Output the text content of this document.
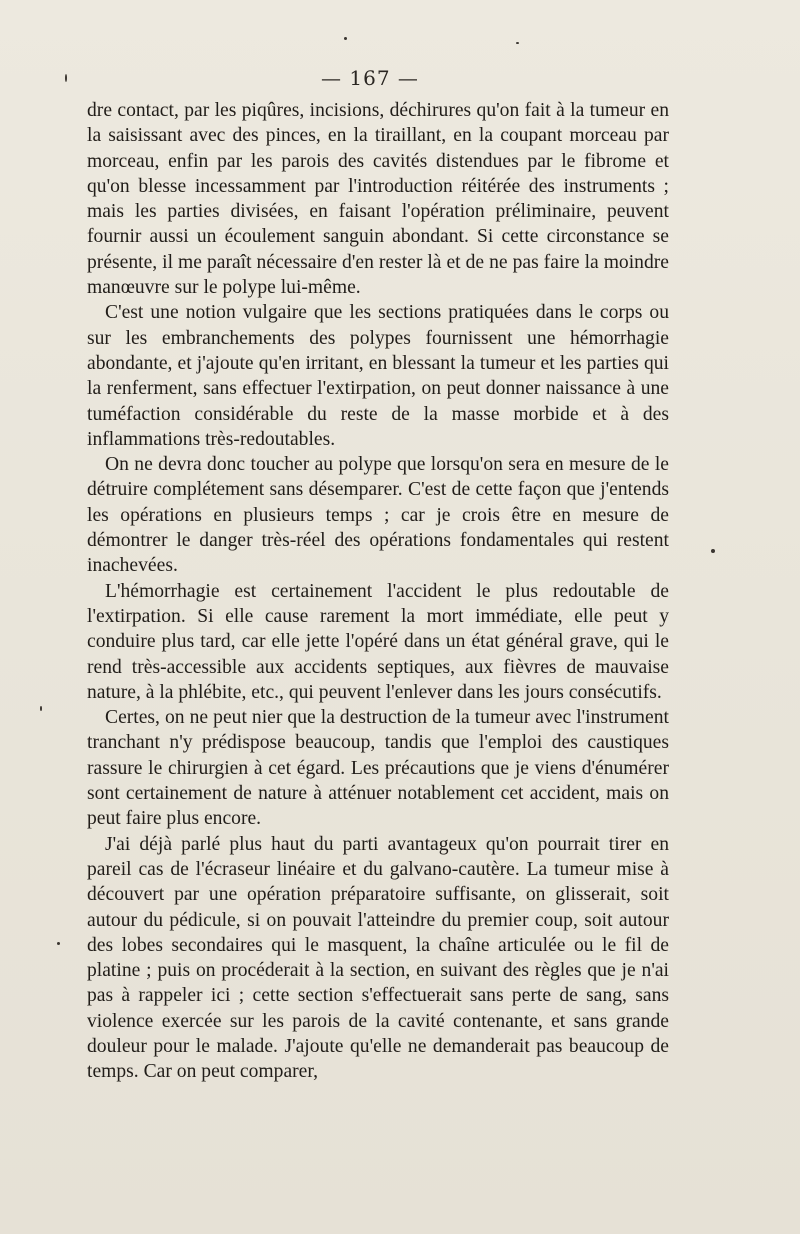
— 167 —

dre contact, par les piqûres, incisions, déchirures qu'on fait à la tumeur en la saisissant avec des pinces, en la tiraillant, en la coupant morceau par morceau, enfin par les parois des cavités distendues par le fibrome et qu'on blesse incessamment par l'introduction réitérée des instruments ; mais les parties divisées, en faisant l'opération préliminaire, peuvent fournir aussi un écoulement sanguin abondant. Si cette circonstance se présente, il me paraît nécessaire d'en rester là et de ne pas faire la moindre manœuvre sur le polype lui-même.

C'est une notion vulgaire que les sections pratiquées dans le corps ou sur les embranchements des polypes fournissent une hémorrhagie abondante, et j'ajoute qu'en irritant, en blessant la tumeur et les parties qui la renferment, sans effectuer l'extirpation, on peut donner naissance à une tuméfaction considérable du reste de la masse morbide et à des inflammations très-redoutables.

On ne devra donc toucher au polype que lorsqu'on sera en mesure de le détruire complétement sans désemparer. C'est de cette façon que j'entends les opérations en plusieurs temps ; car je crois être en mesure de démontrer le danger très-réel des opérations fondamentales qui restent inachevées.

L'hémorrhagie est certainement l'accident le plus redoutable de l'extirpation. Si elle cause rarement la mort immédiate, elle peut y conduire plus tard, car elle jette l'opéré dans un état général grave, qui le rend très-accessible aux accidents septiques, aux fièvres de mauvaise nature, à la phlébite, etc., qui peuvent l'enlever dans les jours consécutifs.

Certes, on ne peut nier que la destruction de la tumeur avec l'instrument tranchant n'y prédispose beaucoup, tandis que l'emploi des caustiques rassure le chirurgien à cet égard. Les précautions que je viens d'énumérer sont certainement de nature à atténuer notablement cet accident, mais on peut faire plus encore.

J'ai déjà parlé plus haut du parti avantageux qu'on pourrait tirer en pareil cas de l'écraseur linéaire et du galvano-cautère. La tumeur mise à découvert par une opération préparatoire suffisante, on glisserait, soit autour du pédicule, si on pouvait l'atteindre du premier coup, soit autour des lobes secondaires qui le masquent, la chaîne articulée ou le fil de platine ; puis on procéderait à la section, en suivant des règles que je n'ai pas à rappeler ici ; cette section s'effectuerait sans perte de sang, sans violence exercée sur les parois de la cavité contenante, et sans grande douleur pour le malade. J'ajoute qu'elle ne demanderait pas beaucoup de temps. Car on peut comparer,
